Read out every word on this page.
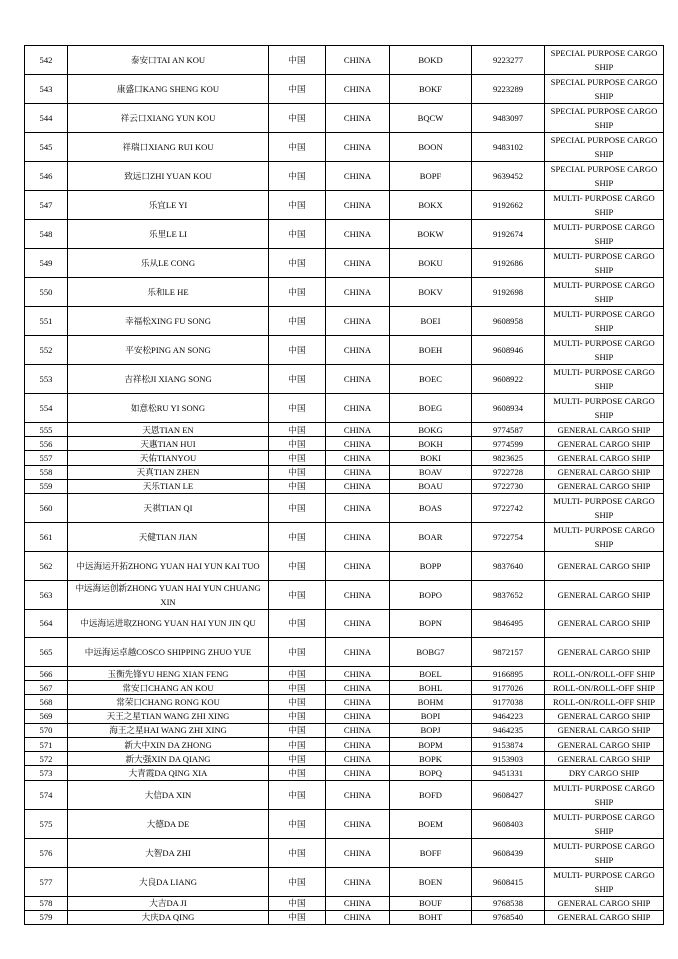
542	泰安口TAI AN KOU	中国	CHINA	BOKD	9223277	SPECIAL PURPOSE CARGO SHIP
543	康盛口KANG SHENG KOU	中国	CHINA	BOKF	9223289	SPECIAL PURPOSE CARGO SHIP
544	祥云口XIANG YUN KOU	中国	CHINA	BQCW	9483097	SPECIAL PURPOSE CARGO SHIP
545	祥瑞口XIANG RUI KOU	中国	CHINA	BOON	9483102	SPECIAL PURPOSE CARGO SHIP
546	致远口ZHI YUAN KOU	中国	CHINA	BOPF	9639452	SPECIAL PURPOSE CARGO SHIP
547	乐宜LE YI	中国	CHINA	BOKX	9192662	MULTI- PURPOSE CARGO SHIP
548	乐里LE LI	中国	CHINA	BOKW	9192674	MULTI- PURPOSE CARGO SHIP
549	乐从LE CONG	中国	CHINA	BOKU	9192686	MULTI- PURPOSE CARGO SHIP
550	乐和LE HE	中国	CHINA	BOKV	9192698	MULTI- PURPOSE CARGO SHIP
551	幸福松XING FU SONG	中国	CHINA	BOEI	9608958	MULTI- PURPOSE CARGO SHIP
552	平安松PING AN SONG	中国	CHINA	BOEH	9608946	MULTI- PURPOSE CARGO SHIP
553	吉祥松JI XIANG SONG	中国	CHINA	BOEC	9608922	MULTI- PURPOSE CARGO SHIP
554	如意松RU YI SONG	中国	CHINA	BOEG	9608934	MULTI- PURPOSE CARGO SHIP
555	天恩TIAN EN	中国	CHINA	BOKG	9774587	GENERAL CARGO SHIP
556	天惠TIAN HUI	中国	CHINA	BOKH	9774599	GENERAL CARGO SHIP
557	天佑TIANYOU	中国	CHINA	BOKI	9823625	GENERAL CARGO SHIP
558	天真TIAN ZHEN	中国	CHINA	BOAV	9722728	GENERAL CARGO SHIP
559	天乐TIAN LE	中国	CHINA	BOAU	9722730	GENERAL CARGO SHIP
560	天祺TIAN QI	中国	CHINA	BOAS	9722742	MULTI- PURPOSE CARGO SHIP
561	天健TIAN JIAN	中国	CHINA	BOAR	9722754	MULTI- PURPOSE CARGO SHIP
562	中远海运开拓ZHONG YUAN HAI YUN KAI TUO	中国	CHINA	BOPP	9837640	GENERAL CARGO SHIP
563	中远海运创新ZHONG YUAN HAI YUN CHUANG XIN	中国	CHINA	BOPO	9837652	GENERAL CARGO SHIP
564	中远海运进取ZHONG YUAN HAI YUN JIN QU	中国	CHINA	BOPN	9846495	GENERAL CARGO SHIP
565	中远海运卓越COSCO SHIPPING ZHUO YUE	中国	CHINA	BOBG7	9872157	GENERAL CARGO SHIP
566	玉衡先锋YU HENG XIAN FENG	中国	CHINA	BOEL	9166895	ROLL-ON/ROLL-OFF SHIP
567	常安口CHANG AN KOU	中国	CHINA	BOHL	9177026	ROLL-ON/ROLL-OFF SHIP
568	常荣口CHANG RONG KOU	中国	CHINA	BOHM	9177038	ROLL-ON/ROLL-OFF SHIP
569	天王之星TIAN WANG ZHI XING	中国	CHINA	BOPI	9464223	GENERAL CARGO SHIP
570	海王之星HAI WANG ZHI XING	中国	CHINA	BOPJ	9464235	GENERAL CARGO SHIP
571	新大中XIN DA ZHONG	中国	CHINA	BOPM	9153874	GENERAL CARGO SHIP
572	新大强XIN DA QIANG	中国	CHINA	BOPK	9153903	GENERAL CARGO SHIP
573	大青霞DA QING XIA	中国	CHINA	BOPQ	9451331	DRY CARGO SHIP
574	大信DA XIN	中国	CHINA	BOFD	9608427	MULTI- PURPOSE CARGO SHIP
575	大德DA DE	中国	CHINA	BOEM	9608403	MULTI- PURPOSE CARGO SHIP
576	大智DA ZHI	中国	CHINA	BOFF	9608439	MULTI- PURPOSE CARGO SHIP
577	大良DA LIANG	中国	CHINA	BOEN	9608415	MULTI- PURPOSE CARGO SHIP
578	大吉DA JI	中国	CHINA	BOUF	9768538	GENERAL CARGO SHIP
579	大庆DA QING	中国	CHINA	BOHT	9768540	GENERAL CARGO SHIP
